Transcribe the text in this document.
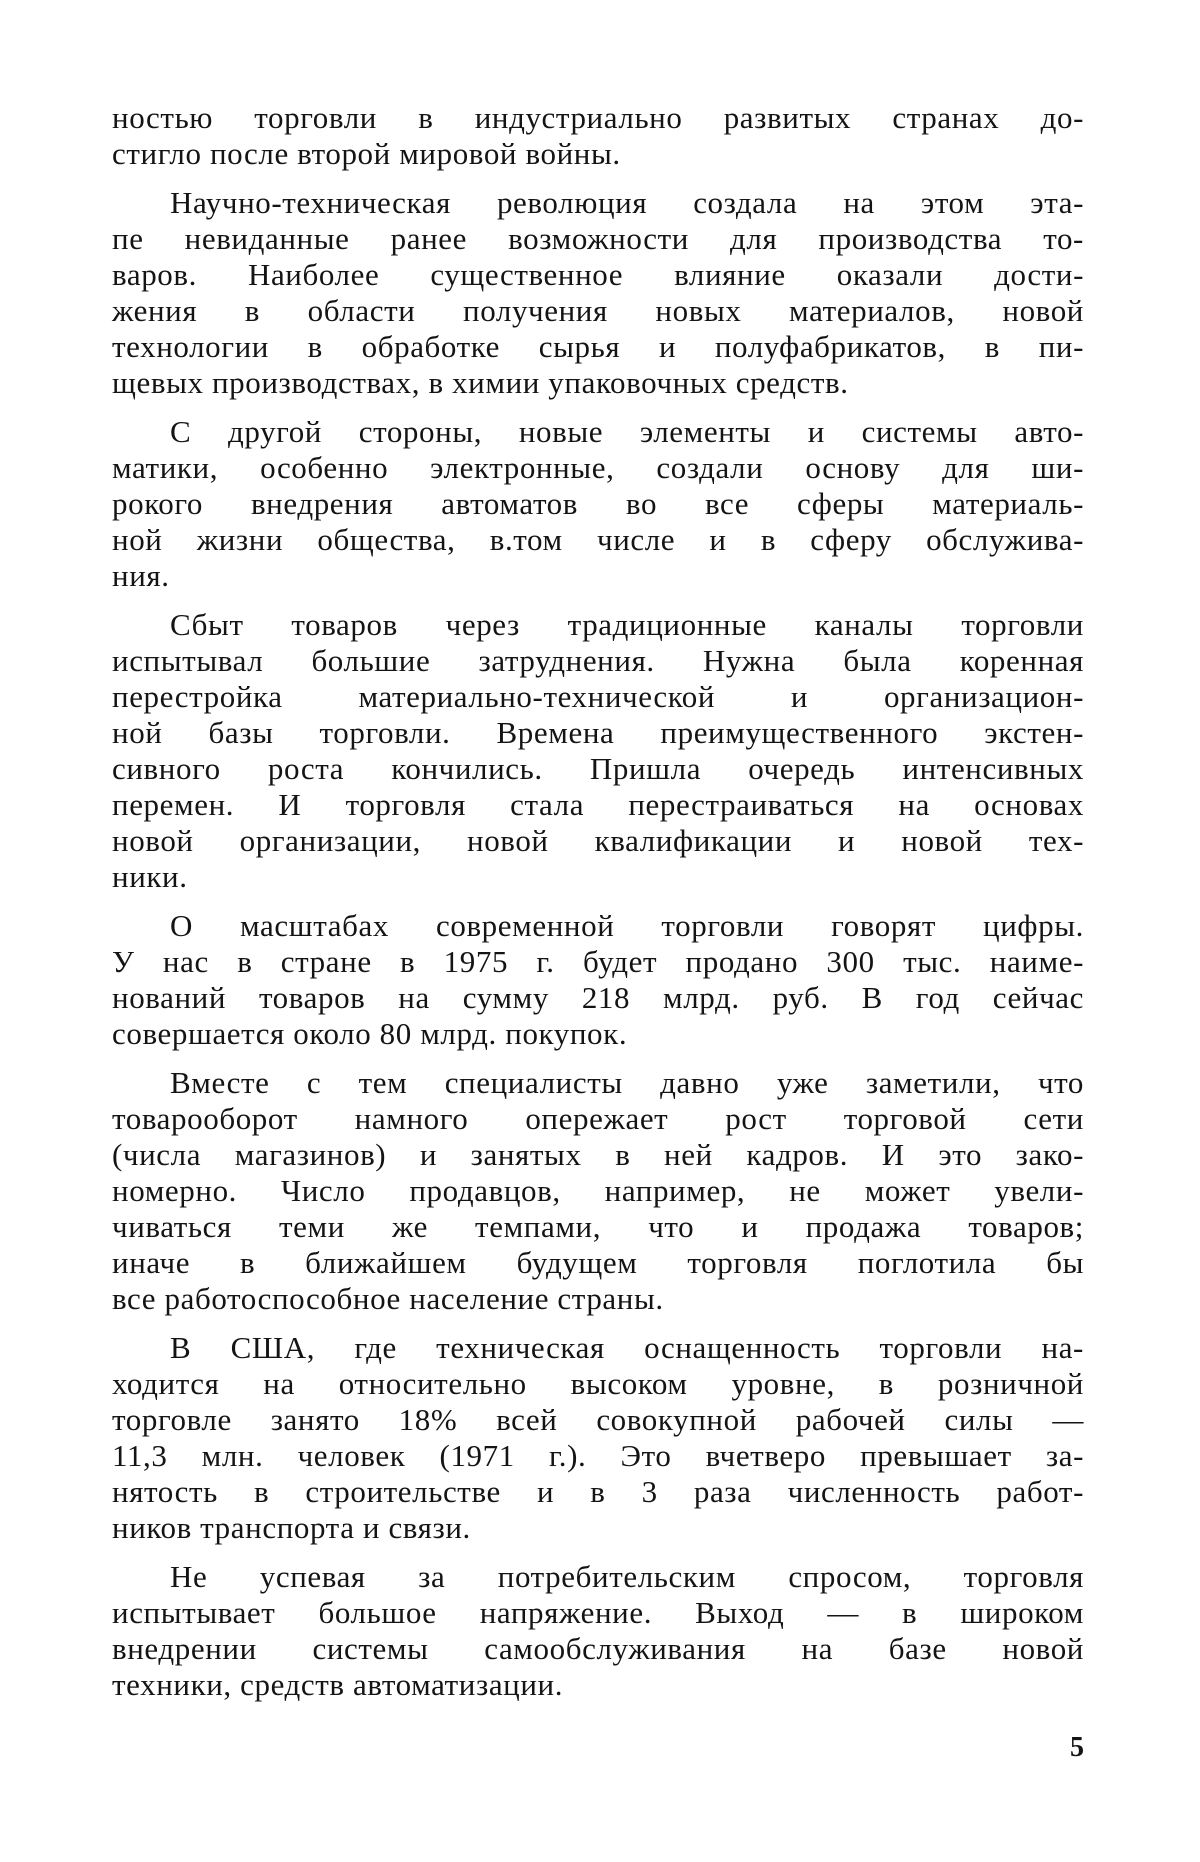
ностью торговли в индустриально развитых странах до-
стигло после второй мировой войны.
Научно-техническая революция создала на этом эта-
пе невиданные ранее возможности для производства то-
варов. Наиболее существенное влияние оказали дости-
жения в области получения новых материалов, новой
технологии в обработке сырья и полуфабрикатов, в пи-
щевых производствах, в химии упаковочных средств.
С другой стороны, новые элементы и системы авто-
матики, особенно электронные, создали основу для ши-
рокого внедрения автоматов во все сферы материаль-
ной жизни общества, в.том числе и в сферу обслужива-
ния.
Сбыт товаров через традиционные каналы торговли
испытывал большие затруднения. Нужна была коренная
перестройка материально-технической и организацион-
ной базы торговли. Времена преимущественного экстен-
сивного роста кончились. Пришла очередь интенсивных
перемен. И торговля стала перестраиваться на основах
новой организации, новой квалификации и новой тех-
ники.
О масштабах современной торговли говорят цифры.
У нас в стране в 1975 г. будет продано 300 тыс. наиме-
нований товаров на сумму 218 млрд. руб. В год сейчас
совершается около 80 млрд. покупок.
Вместе с тем специалисты давно уже заметили, что
товарооборот намного опережает рост торговой сети
(числа магазинов) и занятых в ней кадров. И это зако-
номерно. Число продавцов, например, не может увели-
чиваться теми же темпами, что и продажа товаров;
иначе в ближайшем будущем торговля поглотила бы
все работоспособное население страны.
В США, где техническая оснащенность торговли на-
ходится на относительно высоком уровне, в розничной
торговле занято 18% всей совокупной рабочей силы —
11,3 млн. человек (1971 г.). Это вчетверо превышает за-
нятость в строительстве и в 3 раза численность работ-
ников транспорта и связи.
Не успевая за потребительским спросом, торговля
испытывает большое напряжение. Выход — в широком
внедрении системы самообслуживания на базе новой
техники, средств автоматизации.
5
